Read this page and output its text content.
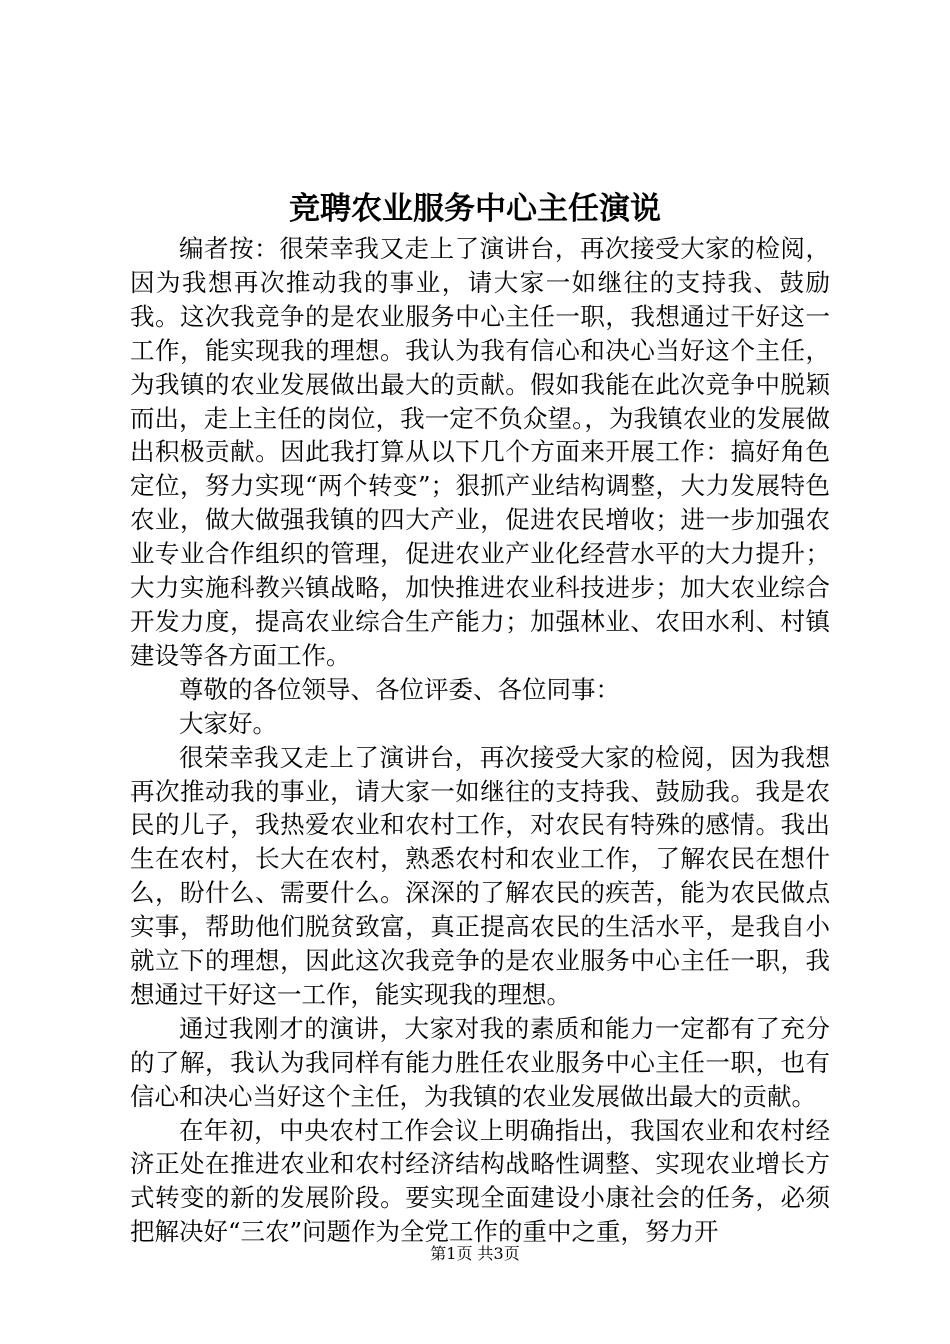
竞聘农业服务中心主任演说

编者按：很荣幸我又走上了演讲台，再次接受大家的检阅，因为我想再次推动我的事业，请大家一如继往的支持我、鼓励我。这次我竞争的是农业服务中心主任一职，我想通过干好这一工作，能实现我的理想。我认为我有信心和决心当好这个主任，为我镇的农业发展做出最大的贡献。假如我能在此次竞争中脱颖而出，走上主任的岗位，我一定不负众望。，为我镇农业的发展做出积极贡献。因此我打算从以下几个方面来开展工作：搞好角色定位，努力实现“两个转变”；狠抓产业结构调整，大力发展特色农业，做大做强我镇的四大产业，促进农民增收；进一步加强农业专业合作组织的管理，促进农业产业化经营水平的大力提升；大力实施科教兴镇战略，加快推进农业科技进步；加大农业综合开发力度，提高农业综合生产能力；加强林业、农田水利、村镇建设等各方面工作。

尊敬的各位领导、各位评委、各位同事：

大家好。

很荣幸我又走上了演讲台，再次接受大家的检阅，因为我想再次推动我的事业，请大家一如继往的支持我、鼓励我。我是农民的儿子，我热爱农业和农村工作，对农民有特殊的感情。我出生在农村，长大在农村，熟悉农村和农业工作，了解农民在想什么，盼什么、需要什么。深深的了解农民的疾苦，能为农民做点实事，帮助他们脱贫致富，真正提高农民的生活水平，是我自小就立下的理想，因此这次我竞争的是农业服务中心主任一职，我想通过干好这一工作，能实现我的理想。

通过我刚才的演讲，大家对我的素质和能力一定都有了充分的了解，我认为我同样有能力胜任农业服务中心主任一职，也有信心和决心当好这个主任，为我镇的农业发展做出最大的贡献。

在年初，中央农村工作会议上明确指出，我国农业和农村经济正处在推进农业和农村经济结构战略性调整、实现农业增长方式转变的新的发展阶段。要实现全面建设小康社会的任务，必须把解决好“三农”问题作为全党工作的重中之重，努力开

第1页 共3页
